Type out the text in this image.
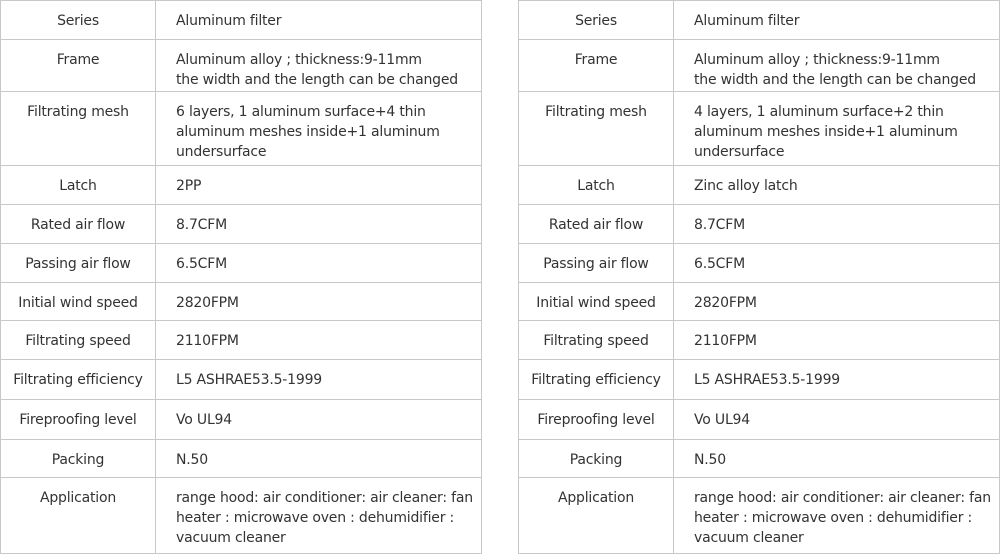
Series	Aluminum filter

Frame	Aluminum alloy ; thickness:9-11mm
the width and the length can be changed

Filtrating mesh	6 layers, 1 aluminum surface+4 thin
aluminum meshes inside+1 aluminum
undersurface

Latch	2PP

Rated air flow	8.7CFM

Passing air flow	6.5CFM

Initial wind speed	2820FPM

Filtrating speed	2110FPM

Filtrating efficiency	L5 ASHRAE53.5-1999

Fireproofing level	Vo UL94

Packing	N.50

Application	range hood: air conditioner: air cleaner: fan
heater : microwave oven : dehumidifier :
vacuum cleaner
Series	Aluminum filter

Frame	Aluminum alloy ; thickness:9-11mm
the width and the length can be changed

Filtrating mesh	4 layers, 1 aluminum surface+2 thin
aluminum meshes inside+1 aluminum
undersurface

Latch	Zinc alloy latch

Rated air flow	8.7CFM

Passing air flow	6.5CFM

Initial wind speed	2820FPM

Filtrating speed	2110FPM

Filtrating efficiency	L5 ASHRAE53.5-1999

Fireproofing level	Vo UL94

Packing	N.50

Application	range hood: air conditioner: air cleaner: fan
heater : microwave oven : dehumidifier :
vacuum cleaner
